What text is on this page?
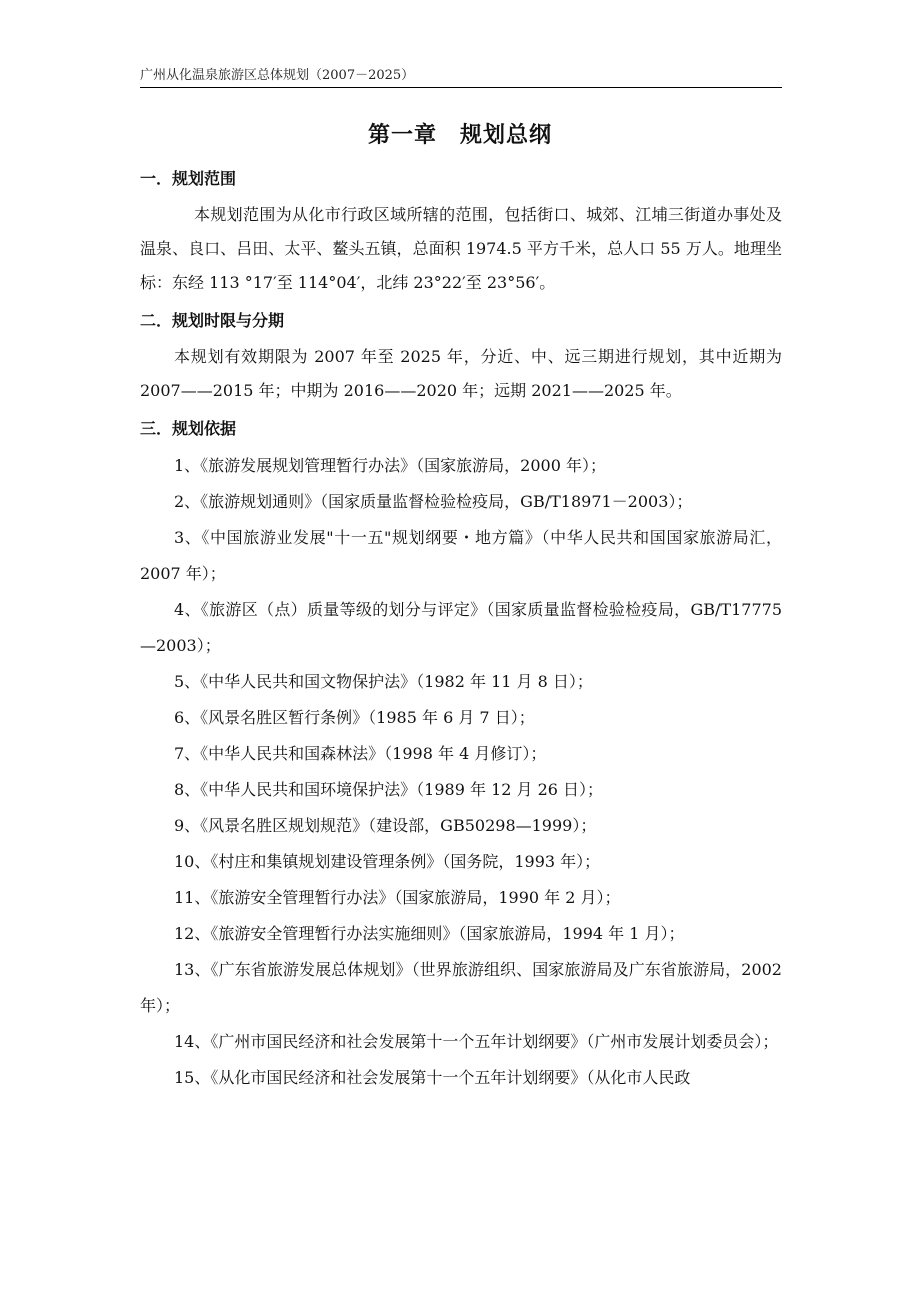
广州从化温泉旅游区总体规划（2007－2025）
第一章　规划总纲
一．规划范围

本规划范围为从化市行政区域所辖的范围，包括街口、城郊、江埔三街道办事处及温泉、良口、吕田、太平、鳌头五镇，总面积 1974.5 平方千米，总人口 55 万人。地理坐标：东经 113 °17′至 114°04′，北纬 23°22′至 23°56′。

二．规划时限与分期

本规划有效期限为 2007 年至 2025 年，分近、中、远三期进行规划，其中近期为 2007——2015 年；中期为 2016——2020 年；远期 2021——2025 年。

三．规划依据

1、《旅游发展规划管理暂行办法》（国家旅游局，2000 年）；

2、《旅游规划通则》（国家质量监督检验检疫局，GB/T18971－2003）；

3、《中国旅游业发展"十一五"规划纲要・地方篇》（中华人民共和国国家旅游局汇，2007 年）；

4、《旅游区（点）质量等级的划分与评定》（国家质量监督检验检疫局，GB/T17775—2003）；

5、《中华人民共和国文物保护法》（1982 年 11 月 8 日）；

6、《风景名胜区暂行条例》（1985 年 6 月 7 日）；

7、《中华人民共和国森林法》（1998 年 4 月修订）；

8、《中华人民共和国环境保护法》（1989 年 12 月 26 日）；

9、《风景名胜区规划规范》（建设部，GB50298—1999）；

10、《村庄和集镇规划建设管理条例》（国务院，1993 年）；

11、《旅游安全管理暂行办法》（国家旅游局，1990 年 2 月）；

12、《旅游安全管理暂行办法实施细则》（国家旅游局，1994 年 1 月）；

13、《广东省旅游发展总体规划》（世界旅游组织、国家旅游局及广东省旅游局，2002 年）；

14、《广州市国民经济和社会发展第十一个五年计划纲要》（广州市发展计划委员会）；

15、《从化市国民经济和社会发展第十一个五年计划纲要》（从化市人民政
